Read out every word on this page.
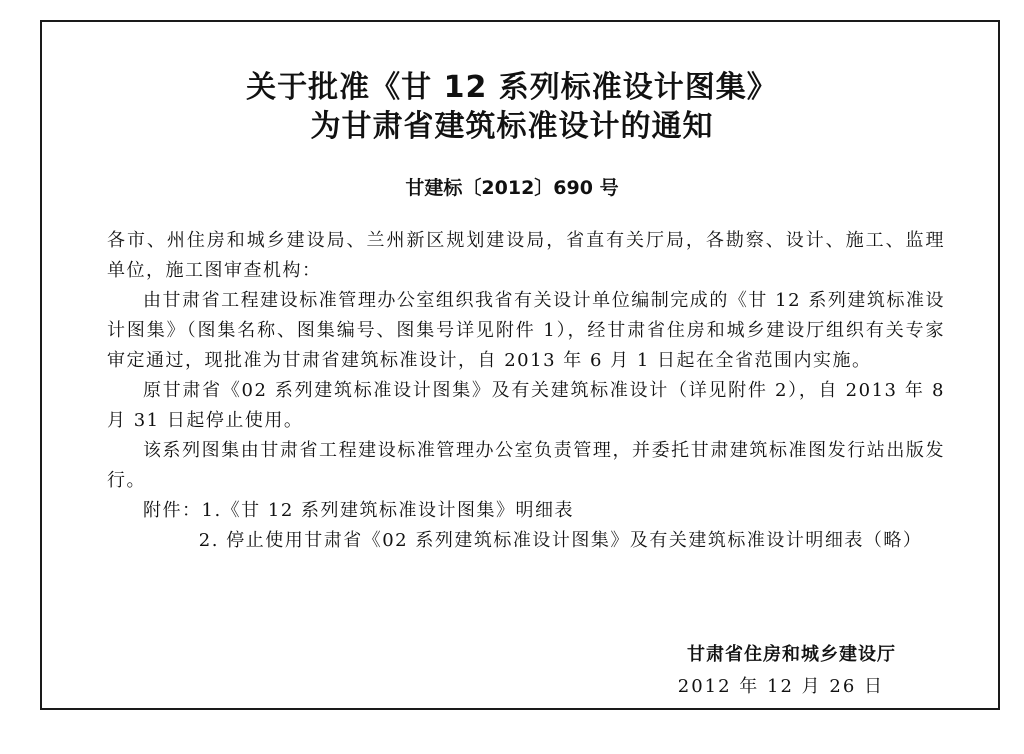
关于批准《甘 12 系列标准设计图集》
为甘肃省建筑标准设计的通知
甘建标〔2012〕690 号

各市、州住房和城乡建设局、兰州新区规划建设局，省直有关厅局，各勘察、设计、施工、监理单位，施工图审查机构：

由甘肃省工程建设标准管理办公室组织我省有关设计单位编制完成的《甘 12 系列建筑标准设计图集》（图集名称、图集编号、图集号详见附件 1），经甘肃省住房和城乡建设厅组织有关专家审定通过，现批准为甘肃省建筑标准设计，自 2013 年 6 月 1 日起在全省范围内实施。

原甘肃省《02 系列建筑标准设计图集》及有关建筑标准设计（详见附件 2），自 2013 年 8 月 31 日起停止使用。

该系列图集由甘肃省工程建设标准管理办公室负责管理，并委托甘肃建筑标准图发行站出版发行。

附件：1.《甘 12 系列建筑标准设计图集》明细表

2. 停止使用甘肃省《02 系列建筑标准设计图集》及有关建筑标准设计明细表（略）

甘肃省住房和城乡建设厅
2012 年 12 月 26 日
